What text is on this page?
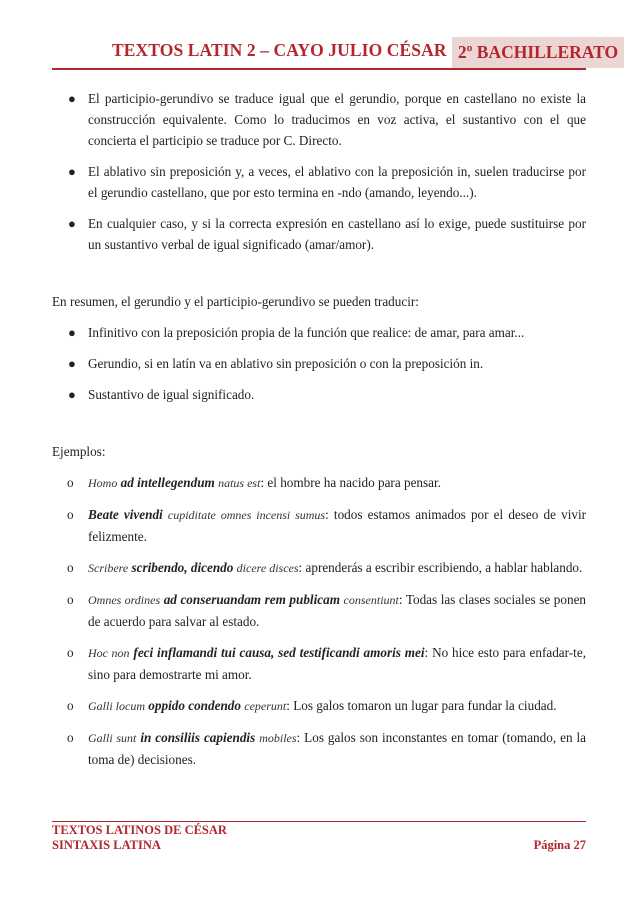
TEXTOS LATIN 2 – CAYO JULIO CÉSAR 2º BACHILLERATO
● El participio-gerundivo se traduce igual que el gerundio, porque en castellano no existe la construcción equivalente. Como lo traducimos en voz activa, el sustantivo con el que concierta el participio se traduce por C. Directo.
● El ablativo sin preposición y, a veces, el ablativo con la preposición in, suelen traducirse por el gerundio castellano, que por esto termina en -ndo (amando, leyendo...).
● En cualquier caso, y si la correcta expresión en castellano así lo exige, puede sustituirse por un sustantivo verbal de igual significado (amar/amor).

En resumen, el gerundio y el participio-gerundivo se pueden traducir:

● Infinitivo con la preposición propia de la función que realice: de amar, para amar...
● Gerundio, si en latín va en ablativo sin preposición o con la preposición in.
● Sustantivo de igual significado.

Ejemplos:

o Homo ad intellegendum natus est: el hombre ha nacido para pensar.
o Beate vivendi cupiditate omnes incensi sumus: todos estamos animados por el deseo de vivir felizmente.
o Scribere scribendo, dicendo dicere disces: aprenderás a escribir escribiendo, a hablar hablando.
o Omnes ordines ad conseruandam rem publicam consentiunt: Todas las clases sociales se ponen de acuerdo para salvar al estado.
o Hoc non feci inflamandi tui causa, sed testificandi amoris mei: No hice esto para enfadar-te, sino para demostrarte mi amor.
o Galli locum oppido condendo ceperunt: Los galos tomaron un lugar para fundar la ciudad.
o Galli sunt in consiliis capiendis mobiles: Los galos son inconstantes en tomar (tomando, en la toma de) decisiones.
TEXTOS LATINOS DE CÉSAR
SINTAXIS LATINA	Página 27
